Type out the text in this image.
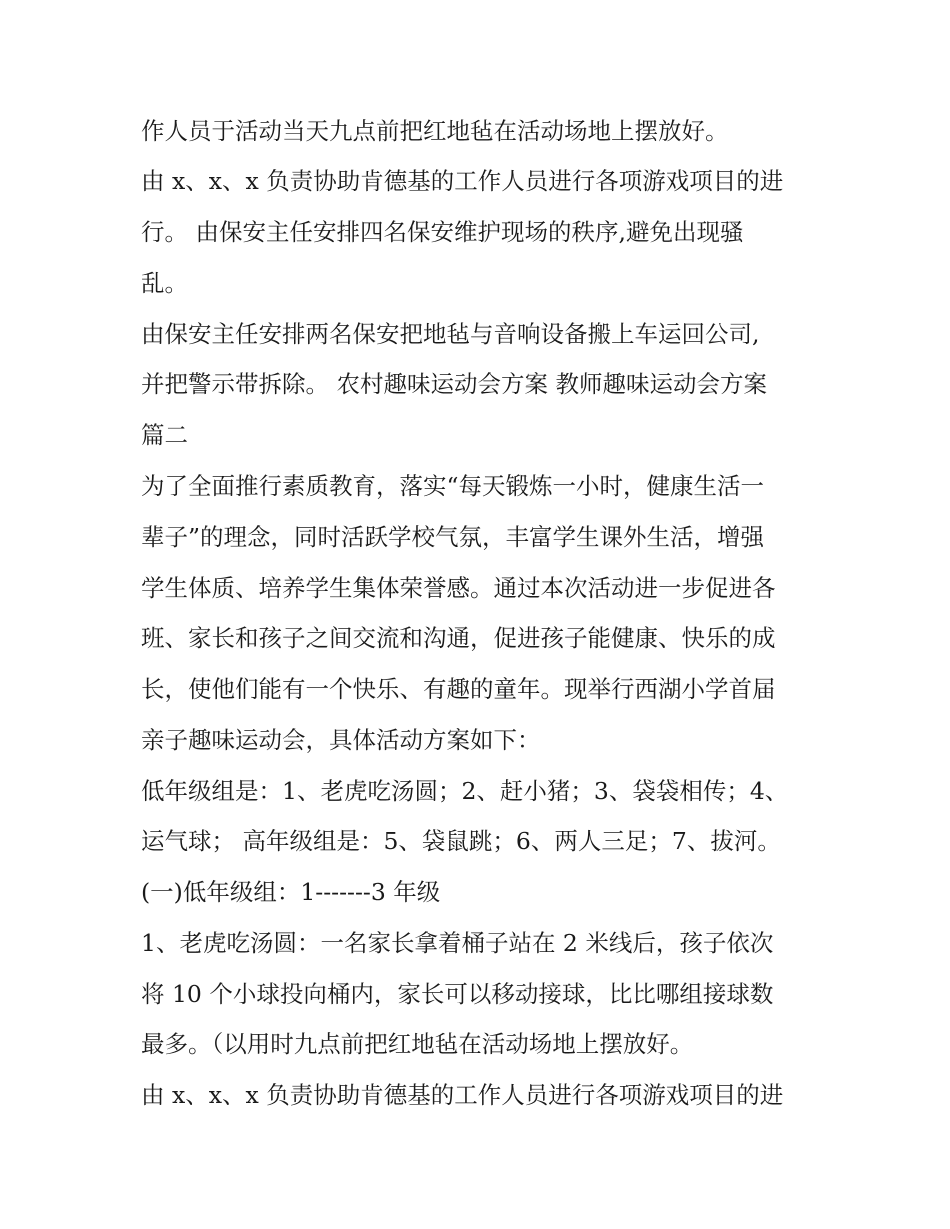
作人员于活动当天九点前把红地毡在活动场地上摆放好。

由 x、x、x 负责协助肯德基的工作人员进行各项游戏项目的进

行。 由保安主任安排四名保安维护现场的秩序,避免出现骚

乱。

由保安主任安排两名保安把地毡与音响设备搬上车运回公司,

并把警示带拆除。 农村趣味运动会方案 教师趣味运动会方案

篇二

为了全面推行素质教育，落实“每天锻炼一小时，健康生活一

辈子”的理念，同时活跃学校气氛，丰富学生课外生活，增强

学生体质、培养学生集体荣誉感。通过本次活动进一步促进各

班、家长和孩子之间交流和沟通，促进孩子能健康、快乐的成

长，使他们能有一个快乐、有趣的童年。现举行西湖小学首届

亲子趣味运动会，具体活动方案如下：

低年级组是：1、老虎吃汤圆；2、赶小猪；3、袋袋相传；4、

运气球； 高年级组是：5、袋鼠跳；6、两人三足；7、拔河。

(一)低年级组：1-------3 年级

1、老虎吃汤圆：一名家长拿着桶子站在 2 米线后，孩子依次

将 10 个小球投向桶内，家长可以移动接球，比比哪组接球数

最多。（以用时九点前把红地毡在活动场地上摆放好。

由 x、x、x 负责协助肯德基的工作人员进行各项游戏项目的进
